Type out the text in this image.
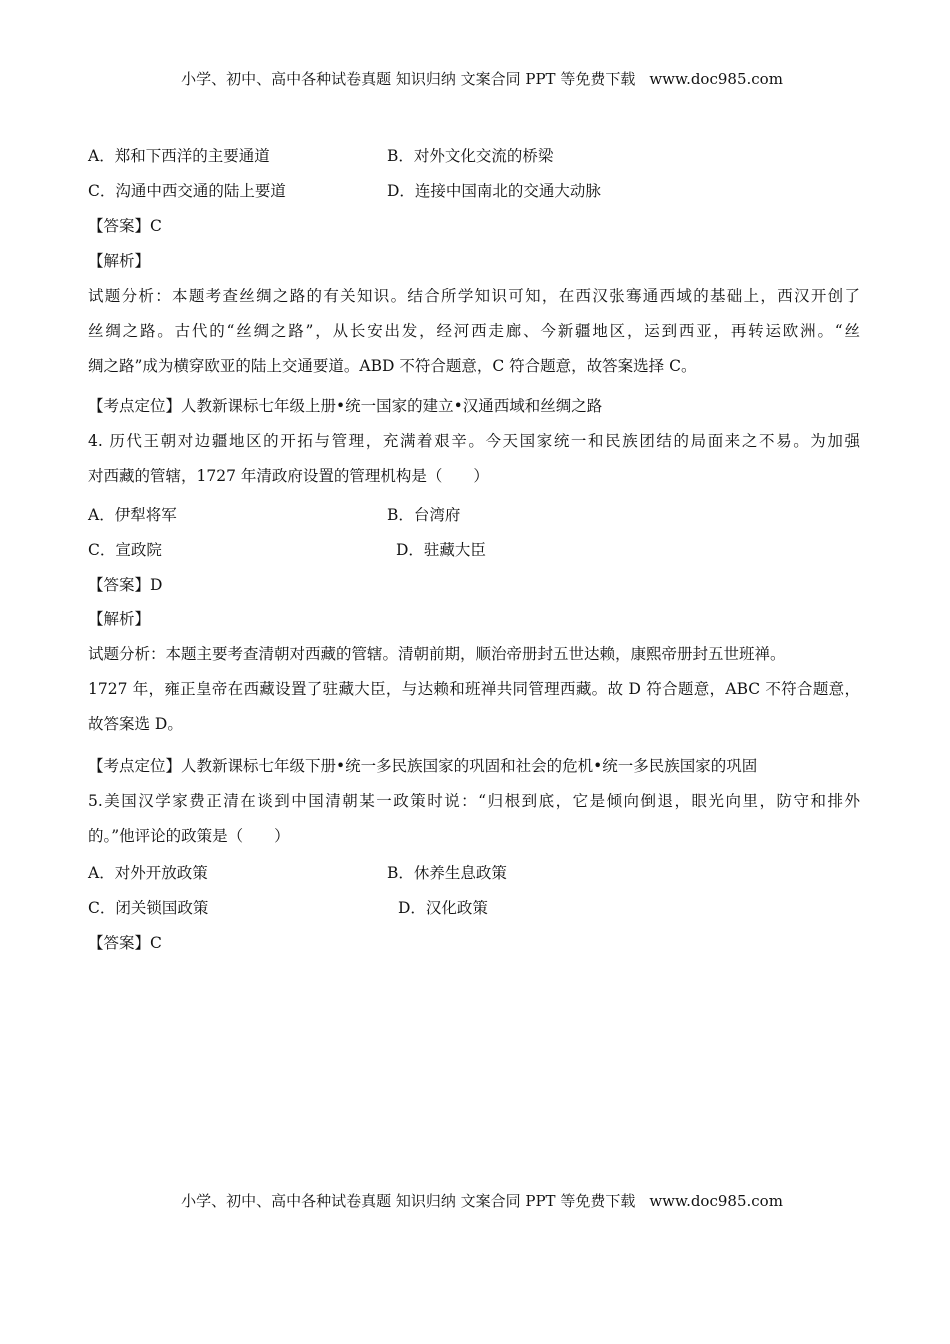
小学、初中、高中各种试卷真题 知识归纳 文案合同 PPT 等免费下载 www.doc985.com
A．郑和下西洋的主要通道	B．对外文化交流的桥梁
C．沟通中西交通的陆上要道	D．连接中国南北的交通大动脉
【答案】C
【解析】
试题分析：本题考查丝绸之路的有关知识。结合所学知识可知，在西汉张骞通西域的基础上，西汉开创了
丝绸之路。古代的“丝绸之路”，从长安出发，经河西走廊、今新疆地区，运到西亚，再转运欧洲。“丝
绸之路”成为横穿欧亚的陆上交通要道。ABD 不符合题意，C 符合题意，故答案选择 C。
【考点定位】人教新课标七年级上册•统一国家的建立•汉通西域和丝绸之路
4. 历代王朝对边疆地区的开拓与管理，充满着艰辛。今天国家统一和民族团结的局面来之不易。为加强
对西藏的管辖，1727 年清政府设置的管理机构是（　　）
A．伊犁将军	B．台湾府
C．宣政院	D．驻藏大臣
【答案】D
【解析】
试题分析：本题主要考查清朝对西藏的管辖。清朝前期，顺治帝册封五世达赖，康熙帝册封五世班禅。
1727 年，雍正皇帝在西藏设置了驻藏大臣，与达赖和班禅共同管理西藏。故 D 符合题意，ABC 不符合题意，
故答案选 D。
【考点定位】人教新课标七年级下册•统一多民族国家的巩固和社会的危机•统一多民族国家的巩固
5.美国汉学家费正清在谈到中国清朝某一政策时说：“归根到底，它是倾向倒退，眼光向里，防守和排外
的。”他评论的政策是（　　）
A．对外开放政策	B．休养生息政策
C．闭关锁国政策	D．汉化政策
【答案】C
小学、初中、高中各种试卷真题 知识归纳 文案合同 PPT 等免费下载 www.doc985.com
